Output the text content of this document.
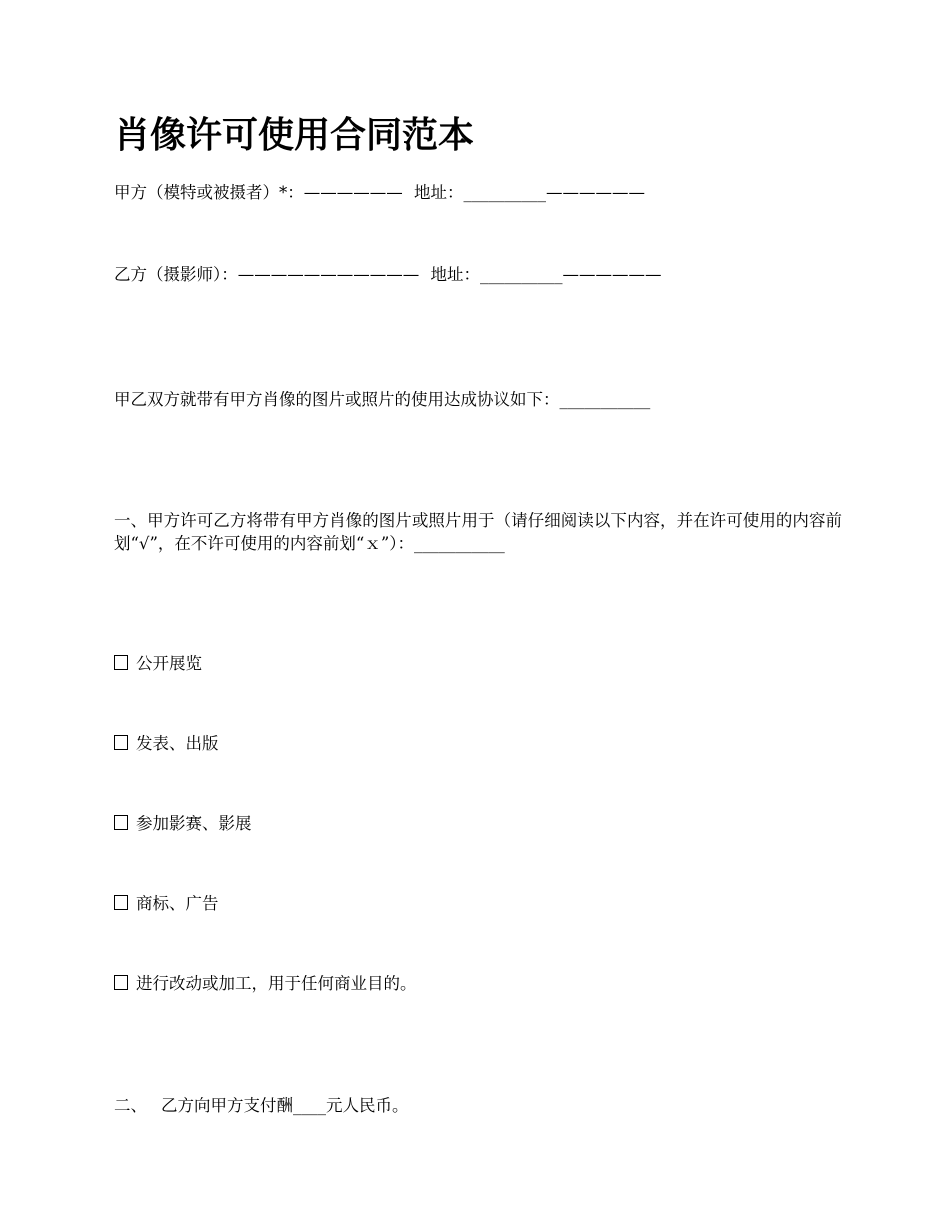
肖像许可使用合同范本
甲方（模特或被摄者）*：—————— 地址：__________——————
乙方（摄影师）：——————————— 地址：__________——————
甲乙双方就带有甲方肖像的图片或照片的使用达成协议如下：___________
一、甲方许可乙方将带有甲方肖像的图片或照片用于（请仔细阅读以下内容，并在许可使用的内容前划“√”，在不许可使用的内容前划“ｘ”）：___________
公开展览
发表、出版
参加影赛、影展
商标、广告
进行改动或加工，用于任何商业目的。
二、 乙方向甲方支付酬____元人民币。
